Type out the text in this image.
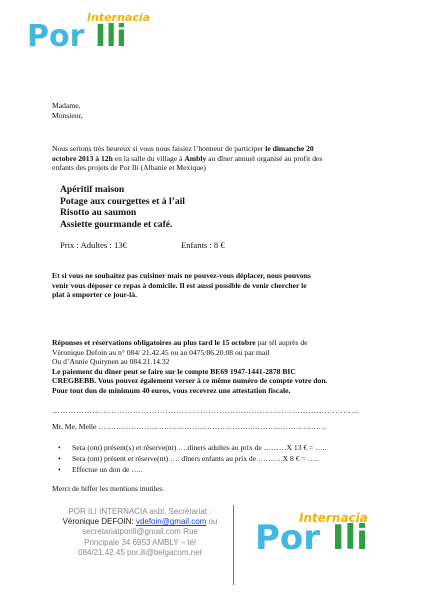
Internacia
Por Ili
Madame,
Monsieur,
Nous serions très heureux si vous nous faisiez l’honneur de participer le dimanche 20
octobre 2013 à 12h en la salle du village à Ambly au dîner annuel organisé au profit des
enfants des projets de Por Ili (Albanie et Mexique)
Apéritif maison
Potage aux courgettes et à l’ail
Risotto au saumon
Assiette gourmande et café.
Prix : Adultes : 13€	Enfants : 8 €
Et si vous ne souhaitez pas cuisiner mais ne pouvez-vous déplacer, nous pouvons
venir vous déposer ce repas à domicile. Il est aussi possible de venir chercher le
plat à emporter ce jour-là.
Réponses et réservations obligatoires au plus tard le 15 octobre par tél auprès de
Véronique Defoin au n° 084/ 21.42.45 ou au 0475/86.20.08 ou par mail
Ou d’Annie Quirynen au 084.21.14.32
Le paiement du dîner peut se faire sur le compte BE69 1947-1441-2878 BIC
CREGBEBB. Vous pouvez également verser à ce même numéro de compte votre don.
Pour tout don de minimum 40 euros, vous recevrez une attestation fiscale.
……………………………………………………………………………………………………
Mr, Me, Melle ………………………………………………………………………………
• Sera (ont) présent(s) et réserve(nt) ….diners adultes au prix de ………X 13 € = …..
• Sera (ont) présent et réserve(nt) …. dîners enfants au prix de ……….X 8 € = …..
• Effectue un don de …..
Merci de biffer les mentions inutiles.
POR ILI INTERNACIA asbl, Secrétariat :
Véronique DEFOIN: vdefoin@gmail.com ou
secretariatporili@gmail.com Rue
Principale 34 6953 AMBLY – tél
084/21.42.45 por.ili@belgacom.net
Internacia
Por Ili
